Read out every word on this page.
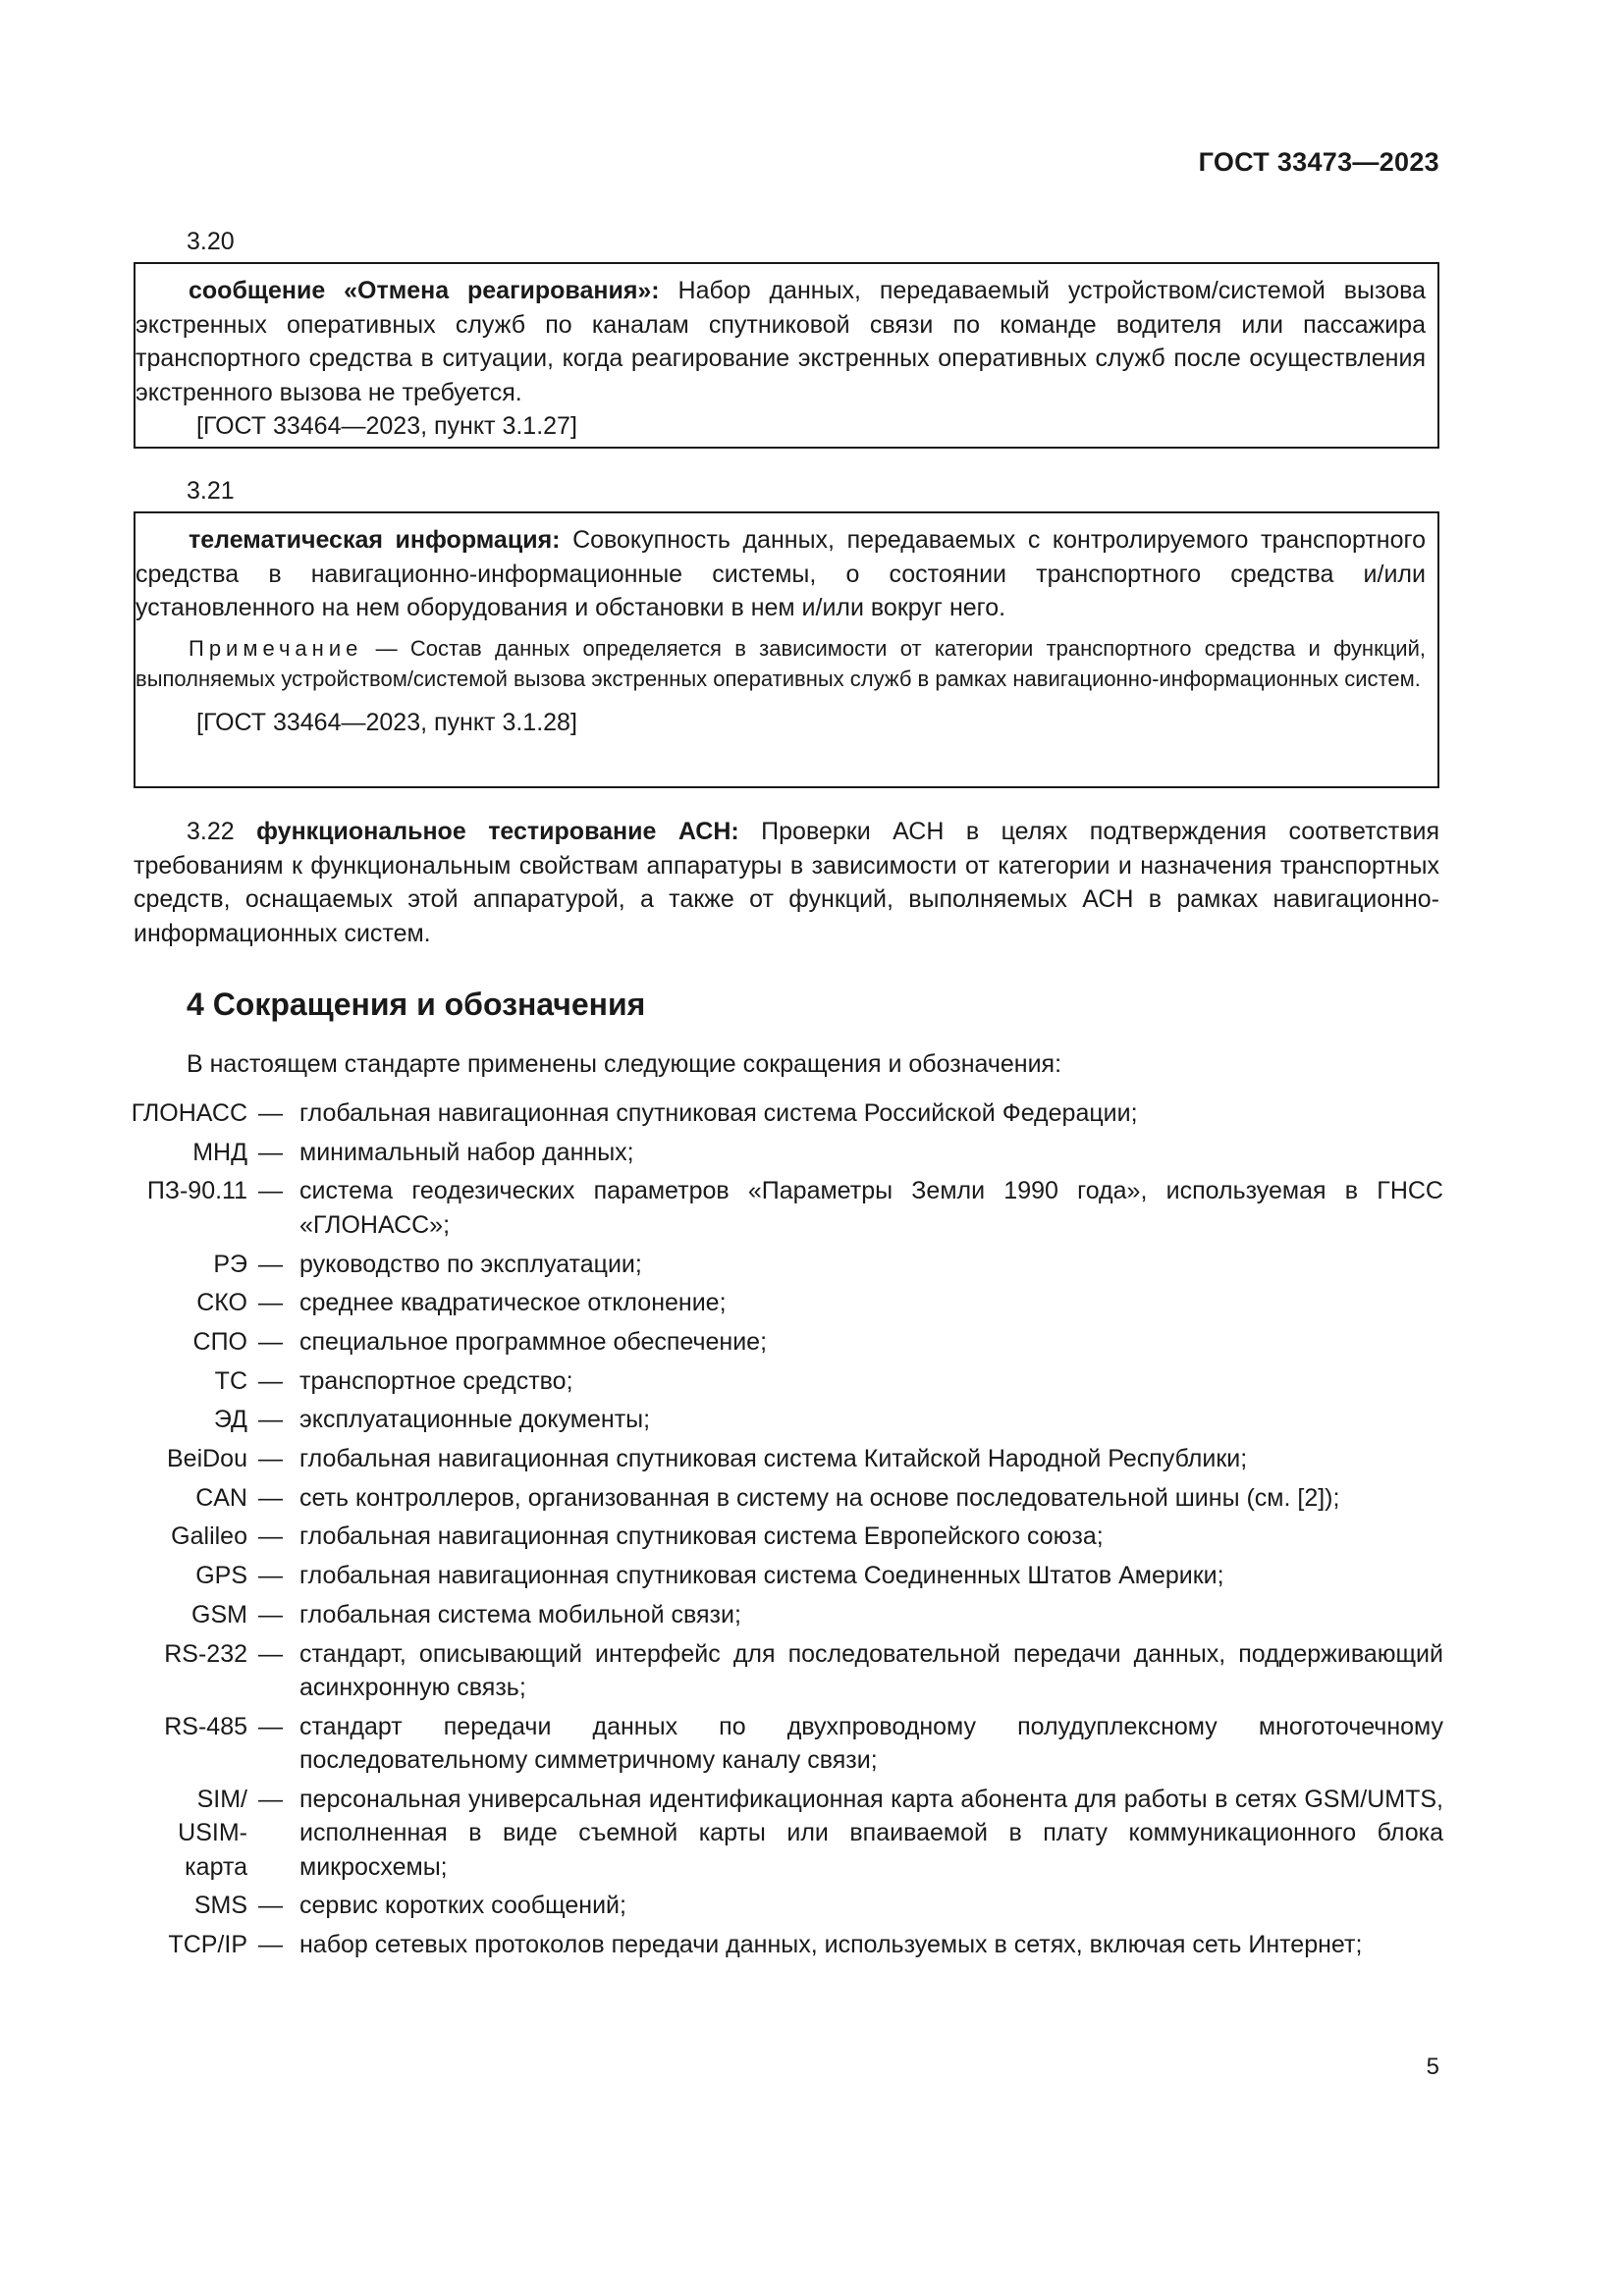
ГОСТ 33473—2023
3.20

сообщение «Отмена реагирования»: Набор данных, передаваемый устройством/системой вызова экстренных оперативных служб по каналам спутниковой связи по команде водителя или пассажира транспортного средства в ситуации, когда реагирование экстренных оперативных служб после осуществления экстренного вызова не требуется.

[ГОСТ 33464—2023, пункт 3.1.27]
3.21

телематическая информация: Совокупность данных, передаваемых с контролируемого транспортного средства в навигационно-информационные системы, о состоянии транспортного средства и/или установленного на нем оборудования и обстановки в нем и/или вокруг него.

Примечание — Состав данных определяется в зависимости от категории транспортного средства и функций, выполняемых устройством/системой вызова экстренных оперативных служб в рамках навигационно-информационных систем.

[ГОСТ 33464—2023, пункт 3.1.28]

3.22 функциональное тестирование АСН: Проверки АСН в целях подтверждения соответствия требованиям к функциональным свойствам аппаратуры в зависимости от категории и назначения транспортных средств, оснащаемых этой аппаратурой, а также от функций, выполняемых АСН в рамках навигационно-информационных систем.

4 Сокращения и обозначения

В настоящем стандарте применены следующие сокращения и обозначения:

ГЛОНАСС — глобальная навигационная спутниковая система Российской Федерации;
МНД — минимальный набор данных;
ПЗ-90.11 — система геодезических параметров «Параметры Земли 1990 года», используемая в ГНСС «ГЛОНАСС»;
РЭ — руководство по эксплуатации;
СКО — среднее квадратическое отклонение;
СПО — специальное программное обеспечение;
ТС — транспортное средство;
ЭД — эксплуатационные документы;
BeiDou — глобальная навигационная спутниковая система Китайской Народной Республики;
CAN — сеть контроллеров, организованная в систему на основе последовательной шины (см. [2]);
Galileo — глобальная навигационная спутниковая система Европейского союза;
GPS — глобальная навигационная спутниковая система Соединенных Штатов Америки;
GSM — глобальная система мобильной связи;
RS-232 — стандарт, описывающий интерфейс для последовательной передачи данных, поддерживающий асинхронную связь;
RS-485 — стандарт передачи данных по двухпроводному полудуплексному многоточечному последовательному симметричному каналу связи;
SIM/
USIM-
карта
— персональная универсальная идентификационная карта абонента для работы в сетях GSM/UMTS, исполненная в виде съемной карты или впаиваемой в плату коммуникационного блока микросхемы;
SMS — сервис коротких сообщений;
TCP/IP — набор сетевых протоколов передачи данных, используемых в сетях, включая сеть Интернет;
5
